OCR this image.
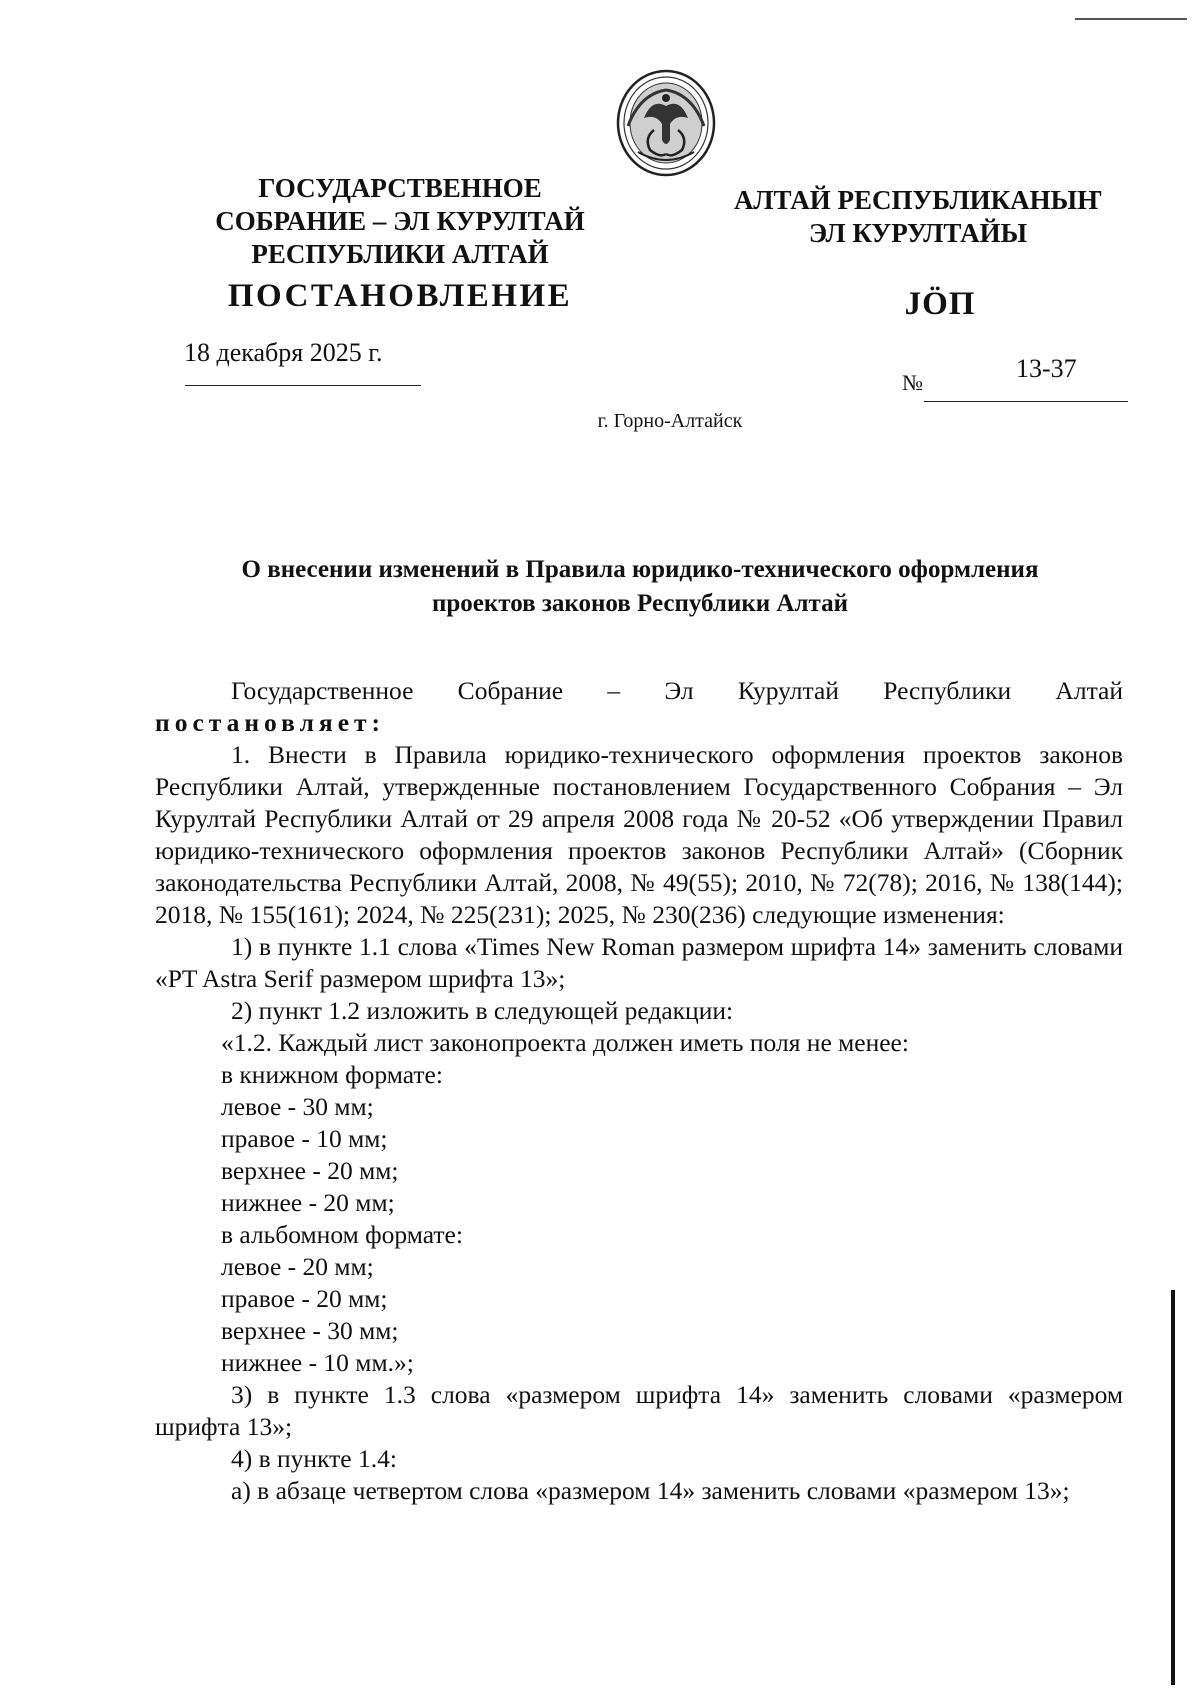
ГОСУДАРСТВЕННОЕ
СОБРАНИЕ – ЭЛ КУРУЛТАЙ
РЕСПУБЛИКИ АЛТАЙ
АЛТАЙ РЕСПУБЛИКАНЫҤ
ЭЛ КУРУЛТАЙЫ
ПОСТАНОВЛЕНИЕ	JӦП
18 декабря 2025 г.
№	13-37
г. Горно-Алтайск
О внесении изменений в Правила юридико-технического оформления
проектов законов Республики Алтай

Государственное Собрание – Эл Курултай Республики Алтай

постановляет:

1. Внести в Правила юридико-технического оформления проектов законов Республики Алтай, утвержденные постановлением Государственного Собрания – Эл Курултай Республики Алтай от 29 апреля 2008 года № 20-52 «Об утверждении Правил юридико-технического оформления проектов законов Республики Алтай» (Сборник законодательства Республики Алтай, 2008, № 49(55); 2010, № 72(78); 2016, № 138(144); 2018, № 155(161); 2024, № 225(231); 2025, № 230(236) следующие изменения:

1) в пункте 1.1 слова «Times New Roman размером шрифта 14» заменить словами «PT Astra Serif размером шрифта 13»;

2) пункт 1.2 изложить в следующей редакции:

«1.2. Каждый лист законопроекта должен иметь поля не менее:

в книжном формате:

левое - 30 мм;

правое - 10 мм;

верхнее - 20 мм;

нижнее - 20 мм;

в альбомном формате:

левое - 20 мм;

правое - 20 мм;

верхнее - 30 мм;

нижнее - 10 мм.»;

3) в пункте 1.3 слова «размером шрифта 14» заменить словами «размером шрифта 13»;

4) в пункте 1.4:

а) в абзаце четвертом слова «размером 14» заменить словами «размером 13»;
